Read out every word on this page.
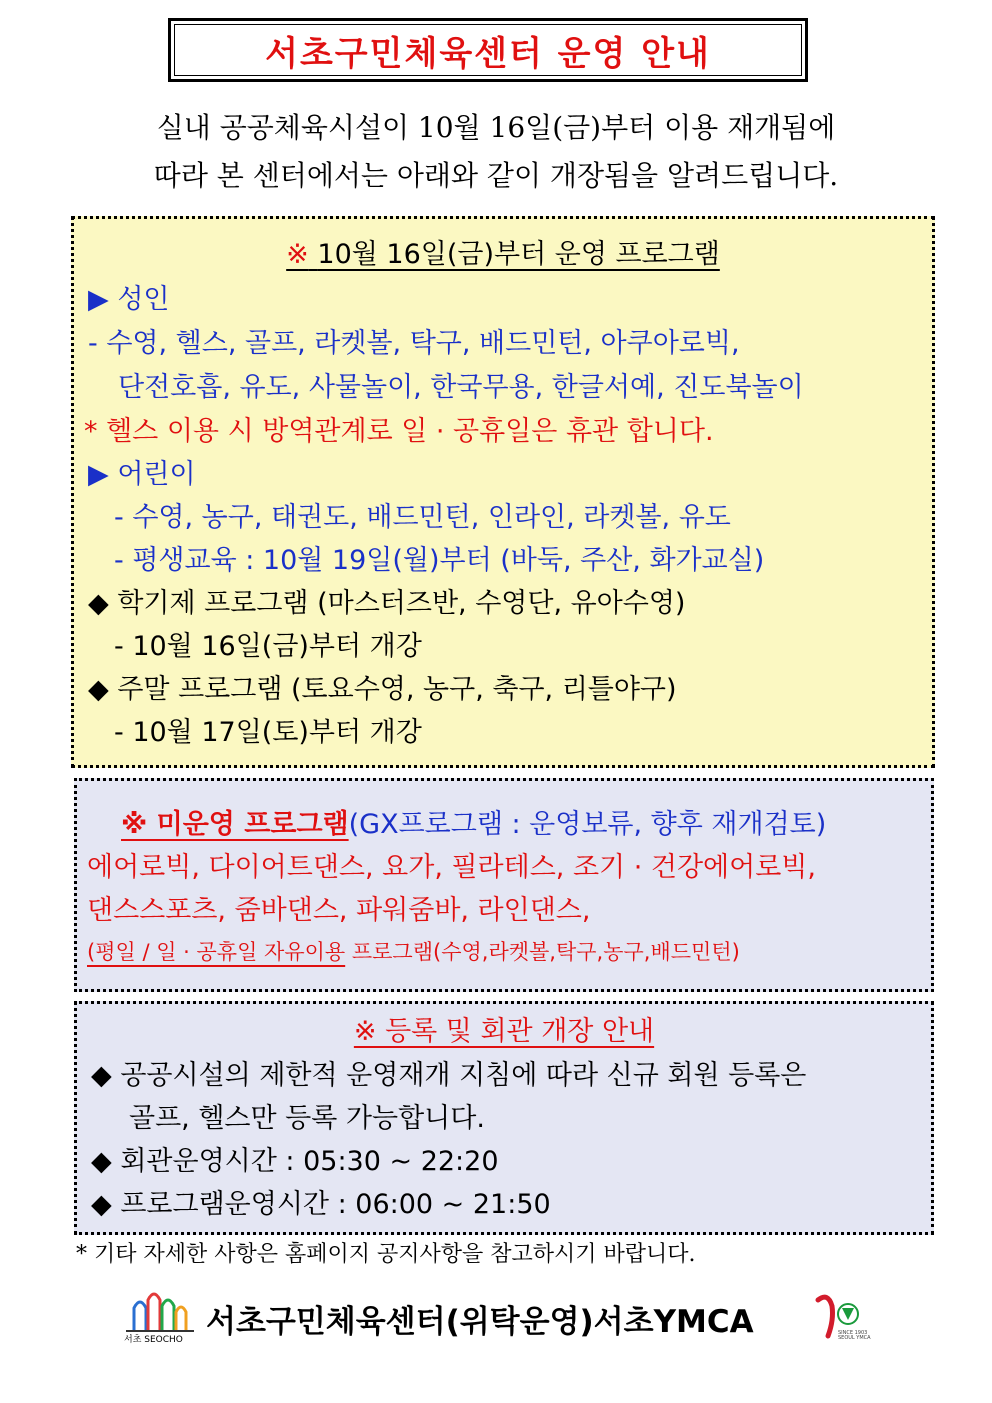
서초구민체육센터 운영 안내
실내 공공체육시설이 10월 16일(금)부터 이용 재개됨에
따라 본 센터에서는 아래와 같이 개장됨을 알려드립니다.
※ 10월 16일(금)부터 운영 프로그램
▶ 성인
- 수영, 헬스, 골프, 라켓볼, 탁구, 배드민턴, 아쿠아로빅,
단전호흡, 유도, 사물놀이, 한국무용, 한글서예, 진도북놀이
* 헬스 이용 시 방역관계로 일 · 공휴일은 휴관 합니다.
▶ 어린이
- 수영, 농구, 태권도, 배드민턴, 인라인, 라켓볼, 유도
- 평생교육 : 10월 19일(월)부터 (바둑, 주산, 화가교실)
◆ 학기제 프로그램 (마스터즈반, 수영단, 유아수영)
- 10월 16일(금)부터 개강
◆ 주말 프로그램 (토요수영, 농구, 축구, 리틀야구)
- 10월 17일(토)부터 개강
※ 미운영 프로그램(GX프로그램 : 운영보류, 향후 재개검토)
에어로빅, 다이어트댄스, 요가, 필라테스, 조기 · 건강에어로빅,
댄스스포츠, 줌바댄스, 파워줌바, 라인댄스,
(평일 / 일 · 공휴일 자유이용 프로그램(수영,라켓볼,탁구,농구,배드민턴)
※ 등록 및 회관 개장 안내
◆ 공공시설의 제한적 운영재개 지침에 따라 신규 회원 등록은
골프, 헬스만 등록 가능합니다.
◆ 회관운영시간 : 05:30 ~ 22:20
◆ 프로그램운영시간 : 06:00 ~ 21:50
* 기타 자세한 사항은 홈페이지 공지사항을 참고하시기 바랍니다.
서초 SEOCHO 서초구민체육센터(위탁운영)서초YMCA	SINCE 1903
SEOUL YMCA
